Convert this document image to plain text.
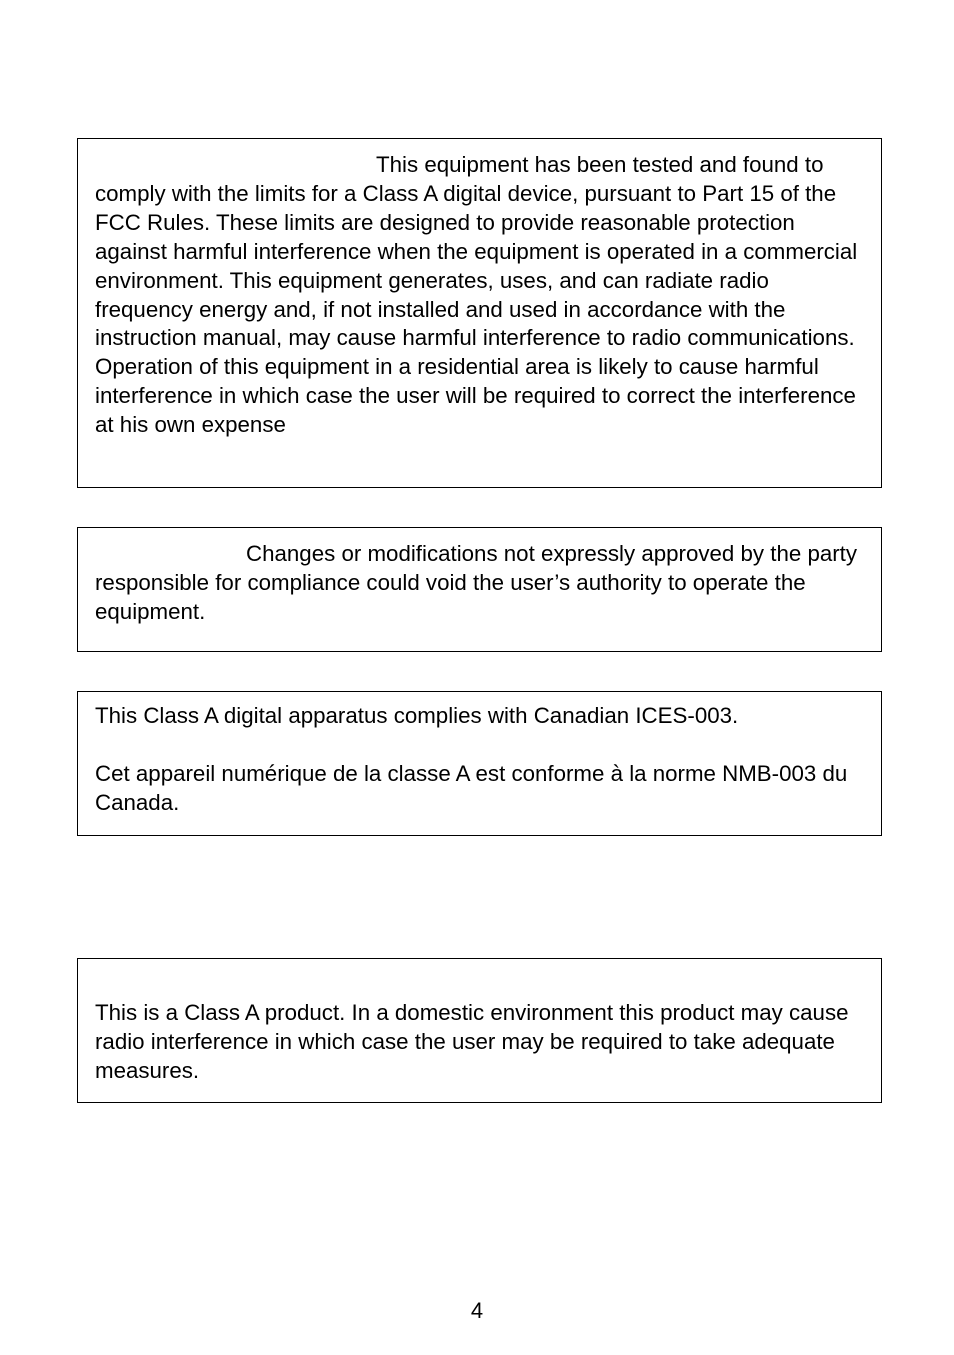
This equipment has been tested and found to comply with the limits for a Class A digital device, pursuant to Part 15 of the FCC Rules. These limits are designed to provide reasonable protection against harmful interference when the equipment is operated in a commercial environment. This equipment generates, uses, and can radiate radio frequency energy and, if not installed and used in accordance with the instruction manual, may cause harmful interference to radio communications. Operation of this equipment in a residential area is likely to cause harmful interference in which case the user will be required to correct the interference at his own expense

Changes or modifications not expressly approved by the party responsible for compliance could void the user’s authority to operate the equipment.

This Class A digital apparatus complies with Canadian ICES-003.

Cet appareil numérique de la classe A est conforme à la norme NMB-003 du Canada.

This is a Class A product. In a domestic environment this product may cause radio interference in which case the user may be required to take adequate measures.

4
